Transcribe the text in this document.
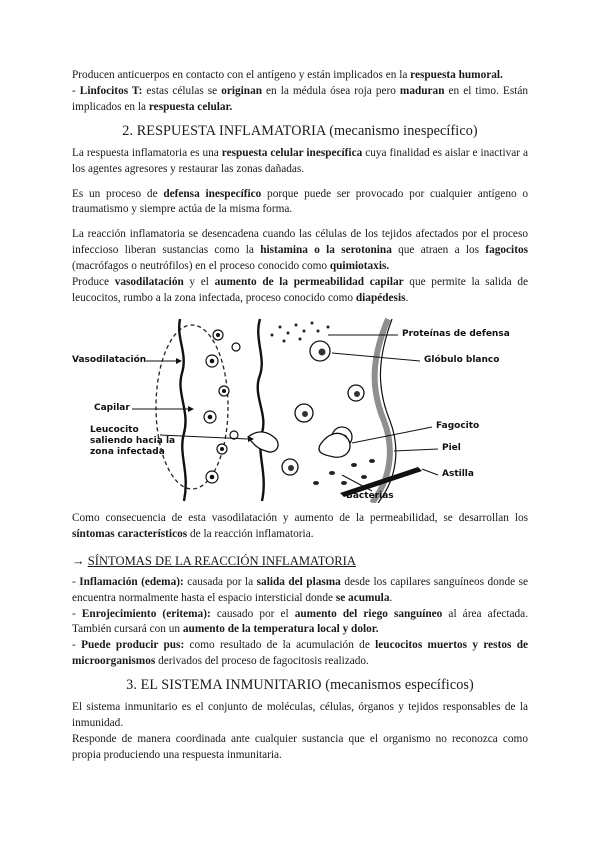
Producen anticuerpos en contacto con el antígeno y están implicados en la respuesta humoral.

- Linfocitos T: estas células se originan en la médula ósea roja pero maduran en el timo. Están implicados en la respuesta celular.

2. RESPUESTA INFLAMATORIA (mecanismo inespecífico)

La respuesta inflamatoria es una respuesta celular inespecífica cuya finalidad es aislar e inactivar a los agentes agresores y restaurar las zonas dañadas.

Es un proceso de defensa inespecífico porque puede ser provocado por cualquier antígeno o traumatismo y siempre actúa de la misma forma.

La reacción inflamatoria se desencadena cuando las células de los tejidos afectados por el proceso infeccioso liberan sustancias como la histamina o la serotonina que atraen a los fagocitos (macrófagos o neutrófilos) en el proceso conocido como quimiotaxis.

Produce vasodilatación y el aumento de la permeabilidad capilar que permite la salida de leucocitos, rumbo a la zona infectada, proceso conocido como diapédesis.

Vasodilatación
Capilar
Leucocito
saliendo hacia la
zona infectada
Proteínas de defensa
Glóbulo blanco
Fagocito
Piel
Bacterias
Astilla

Como consecuencia de esta vasodilatación y aumento de la permeabilidad, se desarrollan los síntomas característicos de la reacción inflamatoria.

→ SÍNTOMAS DE LA REACCIÓN INFLAMATORIA

- Inflamación (edema): causada por la salida del plasma desde los capilares sanguíneos donde se encuentra normalmente hasta el espacio intersticial donde se acumula.

- Enrojecimiento (eritema): causado por el aumento del riego sanguíneo al área afectada. También cursará con un aumento de la temperatura local y dolor.

- Puede producir pus: como resultado de la acumulación de leucocitos muertos y restos de microorganismos derivados del proceso de fagocitosis realizado.

3. EL SISTEMA INMUNITARIO (mecanismos específicos)

El sistema inmunitario es el conjunto de moléculas, células, órganos y tejidos responsables de la inmunidad.

Responde de manera coordinada ante cualquier sustancia que el organismo no reconozca como propia produciendo una respuesta inmunitaria.
